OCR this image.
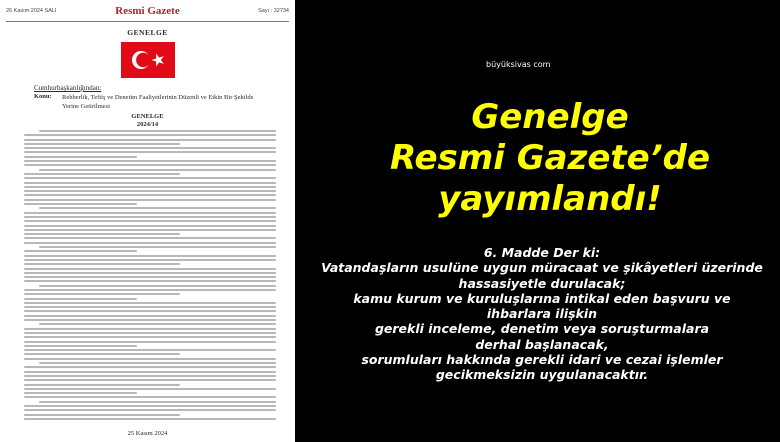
26 Kasım 2024 SALI	Resmi Gazete	Sayı : 32734
GENELGE
Cumhurbaşkanlığından:
Konu: Rehberlik, Teftiş ve Denetim Faaliyetlerinin Düzenli ve Etkin Bir Şekilde Yerine Getirilmesi
GENELGE
2024/14
25 Kasım 2024
büyüksivas com
Genelge
Resmi Gazete’de
yayımlandı!
6. Madde Der ki:
Vatandaşların usulüne uygun müracaat ve şikâyetleri üzerinde
hassasiyetle durulacak;
kamu kurum ve kuruluşlarına intikal eden başvuru ve
ihbarlara ilişkin
gerekli inceleme, denetim veya soruşturmalara
derhal başlanacak,
sorumluları hakkında gerekli idari ve cezai işlemler
gecikmeksizin uygulanacaktır.
